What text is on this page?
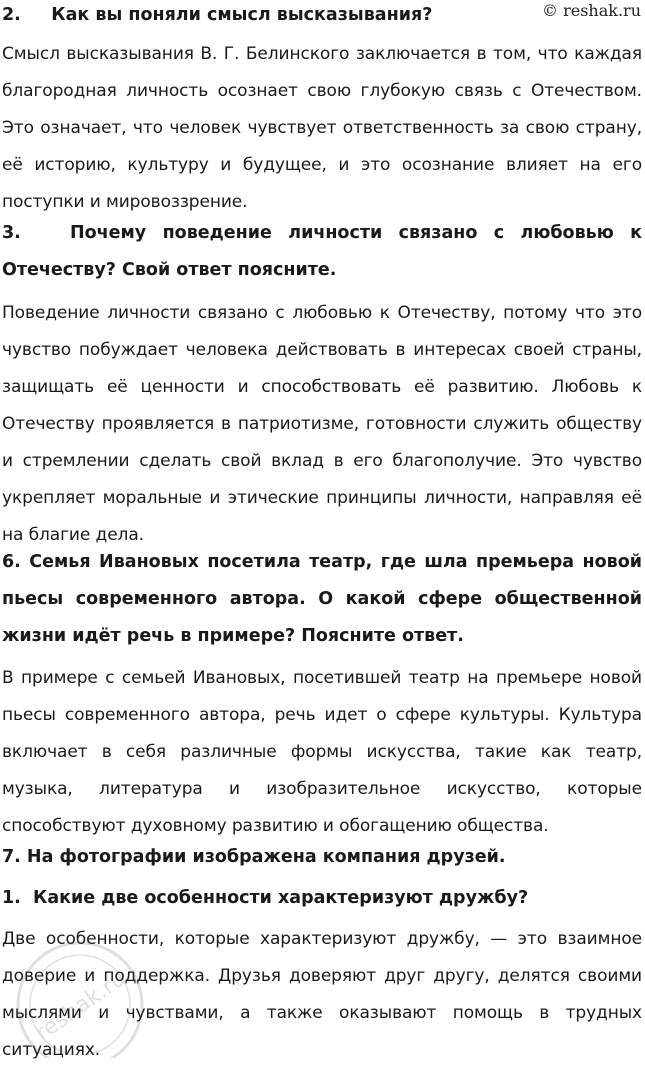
© reshak.ru
2.     Как вы поняли смысл высказывания?
Смысл высказывания В. Г. Белинского заключается в том, что каждая благородная личность осознает свою глубокую связь с Отечеством. Это означает, что человек чувствует ответственность за свою страну, её историю, культуру и будущее, и это осознание влияет на его поступки и мировоззрение.
3.   Почему поведение личности связано с любовью к Отечеству? Свой ответ поясните.
Поведение личности связано с любовью к Отечеству, потому что это чувство побуждает человека действовать в интересах своей страны, защищать её ценности и способствовать её развитию. Любовь к Отечеству проявляется в патриотизме, готовности служить обществу и стремлении сделать свой вклад в его благополучие. Это чувство укрепляет моральные и этические принципы личности, направляя её на благие дела.
6. Семья Ивановых посетила театр, где шла премьера новой пьесы современного автора. О какой сфере общественной жизни идёт речь в примере? Поясните ответ.
В примере с семьей Ивановых, посетившей театр на премьере новой пьесы современного автора, речь идет о сфере культуры. Культура включает в себя различные формы искусства, такие как театр, музыка, литература и изобразительное искусство, которые способствуют духовному развитию и обогащению общества.
7. На фотографии изображена компания друзей.
1.  Какие две особенности характеризуют дружбу?
Две особенности, которые характеризуют дружбу, — это взаимное доверие и поддержка. Друзья доверяют друг другу, делятся своими мыслями и чувствами, а также оказывают помощь в трудных ситуациях.
reshak.ru
